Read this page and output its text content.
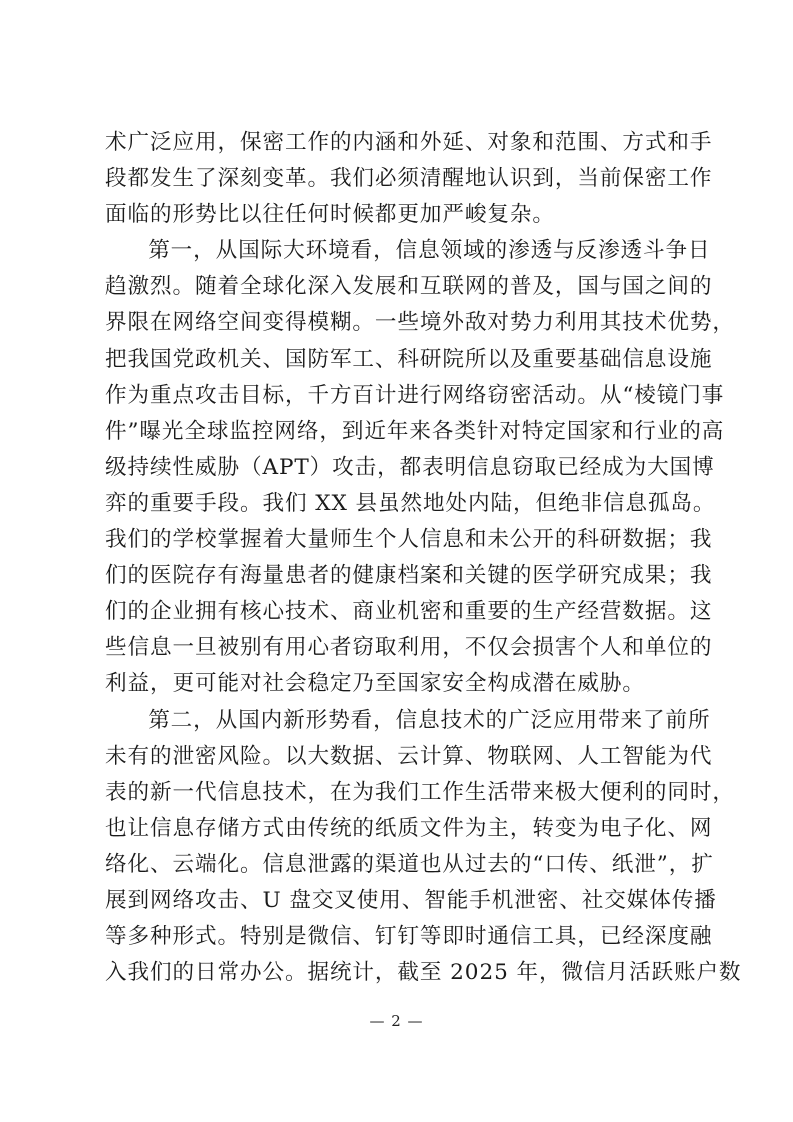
术广泛应用，保密工作的内涵和外延、对象和范围、方式和手
段都发生了深刻变革。我们必须清醒地认识到，当前保密工作
面临的形势比以往任何时候都更加严峻复杂。
第一，从国际大环境看，信息领域的渗透与反渗透斗争日
趋激烈。随着全球化深入发展和互联网的普及，国与国之间的
界限在网络空间变得模糊。一些境外敌对势力利用其技术优势，
把我国党政机关、国防军工、科研院所以及重要基础信息设施
作为重点攻击目标，千方百计进行网络窃密活动。从“棱镜门事
件”曝光全球监控网络，到近年来各类针对特定国家和行业的高
级持续性威胁（APT）攻击，都表明信息窃取已经成为大国博
弈的重要手段。我们 XX 县虽然地处内陆，但绝非信息孤岛。
我们的学校掌握着大量师生个人信息和未公开的科研数据；我
们的医院存有海量患者的健康档案和关键的医学研究成果；我
们的企业拥有核心技术、商业机密和重要的生产经营数据。这
些信息一旦被别有用心者窃取利用，不仅会损害个人和单位的
利益，更可能对社会稳定乃至国家安全构成潜在威胁。
第二，从国内新形势看，信息技术的广泛应用带来了前所
未有的泄密风险。以大数据、云计算、物联网、人工智能为代
表的新一代信息技术，在为我们工作生活带来极大便利的同时，
也让信息存储方式由传统的纸质文件为主，转变为电子化、网
络化、云端化。信息泄露的渠道也从过去的“口传、纸泄”，扩
展到网络攻击、U 盘交叉使用、智能手机泄密、社交媒体传播
等多种形式。特别是微信、钉钉等即时通信工具，已经深度融
入我们的日常办公。据统计，截至 2025 年，微信月活跃账户数
— 2 —
